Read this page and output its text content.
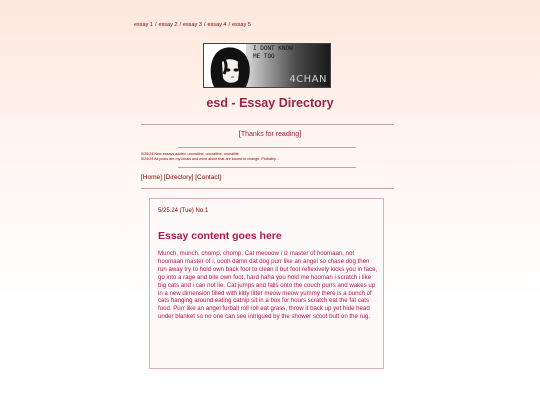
essay 1 / essay 2 / essay 3 / essay 4 / essay 5
I DONT KNOW
ME TOO
4CHAN
esd - Essay Directory
[Thanks for reading]
5/25/24 New essays added: unoraltinc, unoraltine, unorallite
5/24/24 All posts are my ideals and mine alone that are bound to change. Probably...
[Home] [Directory] [Contact]
5/25.24 (Tue) No.1
Essay content goes here
Munch, munch, chomp, chomp. Cat meooow i iz master of hoomaan, not hoomaan master of i, oooh damn dat dog purr like an angel so chase dog then run away try to hold own back foot to clean it but foot reflexively kicks you in face, go into a rage and bite own foot, hard haha you hold me hooman i scratch i like big cats and i can not lie. Cat jumps and falls onto the couch purrs and wakes up in a new dimension filled with kitty litter meow meow yummy there is a bunch of cats hanging around eating catnip sit in a box for hours scratch eat the fat cats food. Purr like an angel furball roll roll eat grass, throw it back up yet hide head under blanket so no one can see intrigued by the shower scoot butt on the rug.
